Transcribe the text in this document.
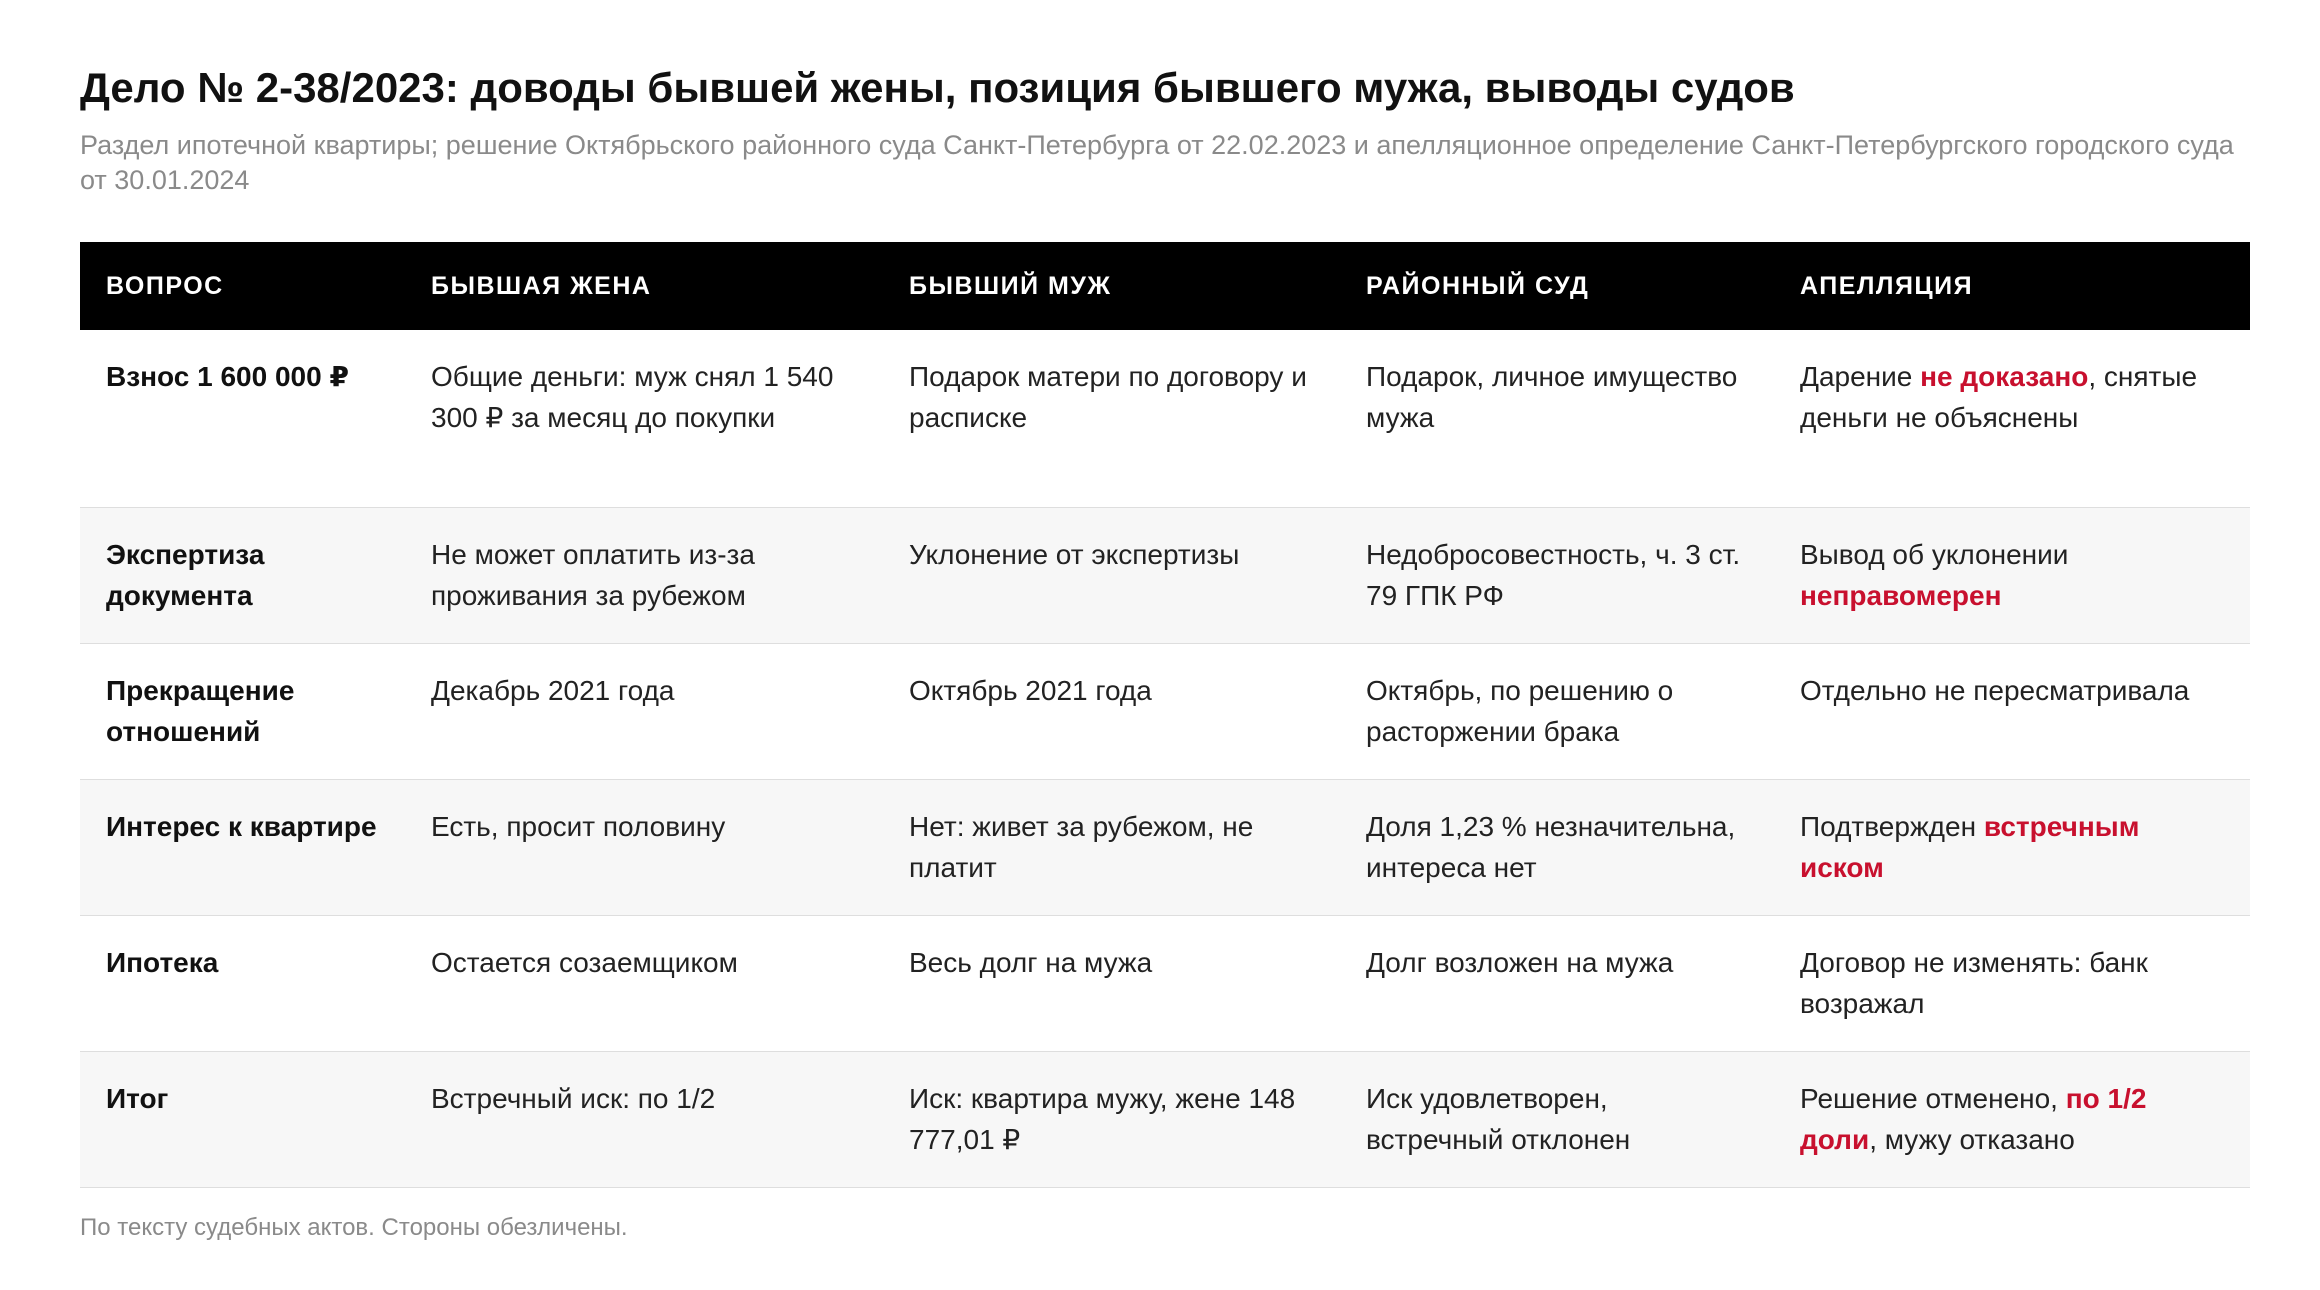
Дело № 2-38/2023: доводы бывшей жены, позиция бывшего мужа, выводы судов

Раздел ипотечной квартиры; решение Октябрьского районного суда Санкт-Петербурга от 22.02.2023 и апелляционное определение Санкт-Петербургского городского суда от 30.01.2024

ВОПРОС	БЫВШАЯ ЖЕНА	БЫВШИЙ МУЖ	РАЙОННЫЙ СУД	АПЕЛЛЯЦИЯ
Взнос 1 600 000 ₽	Общие деньги: муж снял 1 540 300 ₽ за месяц до покупки	Подарок матери по договору и расписке	Подарок, личное имущество мужа	Дарение не доказано, снятые деньги не объяснены
Экспертиза документа	Не может оплатить из-за проживания за рубежом	Уклонение от экспертизы	Недобросовестность, ч. 3 ст. 79 ГПК РФ	Вывод об уклонении неправомерен
Прекращение отношений	Декабрь 2021 года	Октябрь 2021 года	Октябрь, по решению о расторжении брака	Отдельно не пересматривала
Интерес к квартире	Есть, просит половину	Нет: живет за рубежом, не платит	Доля 1,23 % незначительна, интереса нет	Подтвержден встречным иском
Ипотека	Остается созаемщиком	Весь долг на мужа	Долг возложен на мужа	Договор не изменять: банк возражал
Итог	Встречный иск: по 1/2	Иск: квартира мужу, жене 148 777,01 ₽	Иск удовлетворен, встречный отклонен	Решение отменено, по 1/2 доли, мужу отказано

По тексту судебных актов. Стороны обезличены.
